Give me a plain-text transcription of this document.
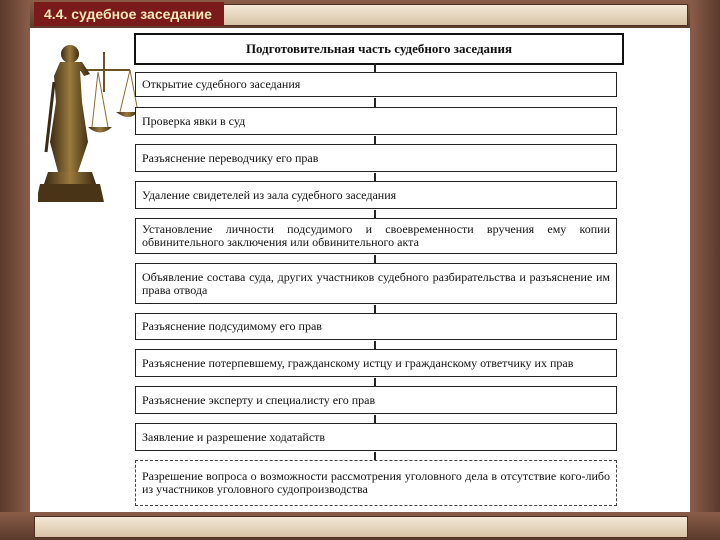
4.4. судебное заседание
Подготовительная часть судебного заседания
Открытие судебного заседания
Проверка явки в суд
Разъяснение переводчику его прав
Удаление свидетелей из зала судебного заседания
Установление личности подсудимого и своевременности вручения ему копии обвинительного заключения или обвинительного акта
Объявление состава суда, других участников судебного разбирательства и разъяснение им права отвода
Разъяснение подсудимому его прав
Разъяснение потерпевшему, гражданскому истцу и гражданскому ответчику их прав
Разъяснение эксперту и специалисту его прав
Заявление и разрешение ходатайств
Разрешение вопроса о возможности рассмотрения уголовного дела в отсутствие кого-либо из участников уголовного судопроизводства
